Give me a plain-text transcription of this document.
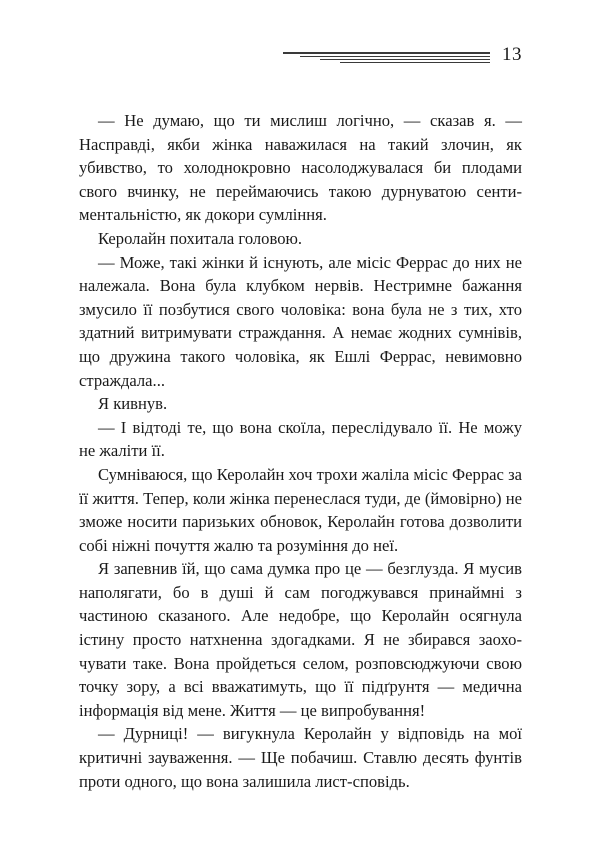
13

— Не думаю, що ти мислиш логічно, — сказав я. — Насправді, якби жінка наважилася на такий злочин, як убивство, то холоднокровно насолоджувалася би плодами свого вчинку, не переймаючись такою дурнуватою сентиментальністю, як докори сумління.

Керолайн похитала головою.

— Може, такі жінки й існують, але місіс Феррас до них не належала. Вона була клубком нервів. Нестримне бажання змусило її позбутися свого чоловіка: вона була не з тих, хто здатний витримувати страждання. А немає жодних сумнівів, що дружина такого чоловіка, як Ешлі Феррас, невимовно страждала...

Я кивнув.

— І відтоді те, що вона скоїла, переслідувало її. Не можу не жаліти її.

Сумніваюся, що Керолайн хоч трохи жаліла місіс Феррас за її життя. Тепер, коли жінка перенеслася туди, де (ймовірно) не зможе носити паризьких обновок, Керолайн готова дозволити собі ніжні почуття жалю та розуміння до неї.

Я запевнив їй, що сама думка про це — безглузда. Я мусив наполягати, бо в душі й сам погоджувався принаймні з частиною сказаного. Але недобре, що Керолайн осягнула істину просто натхненна здогадками. Я не збирався заохочувати таке. Вона пройдеться селом, розповсюджуючи свою точку зору, а всі вважатимуть, що її підґрунтя — медична інформація від мене. Життя — це випробування!

— Дурниці! — вигукнула Керолайн у відповідь на мої критичні зауваження. — Ще побачиш. Ставлю десять фунтів проти одного, що вона залишила лист-сповідь.
